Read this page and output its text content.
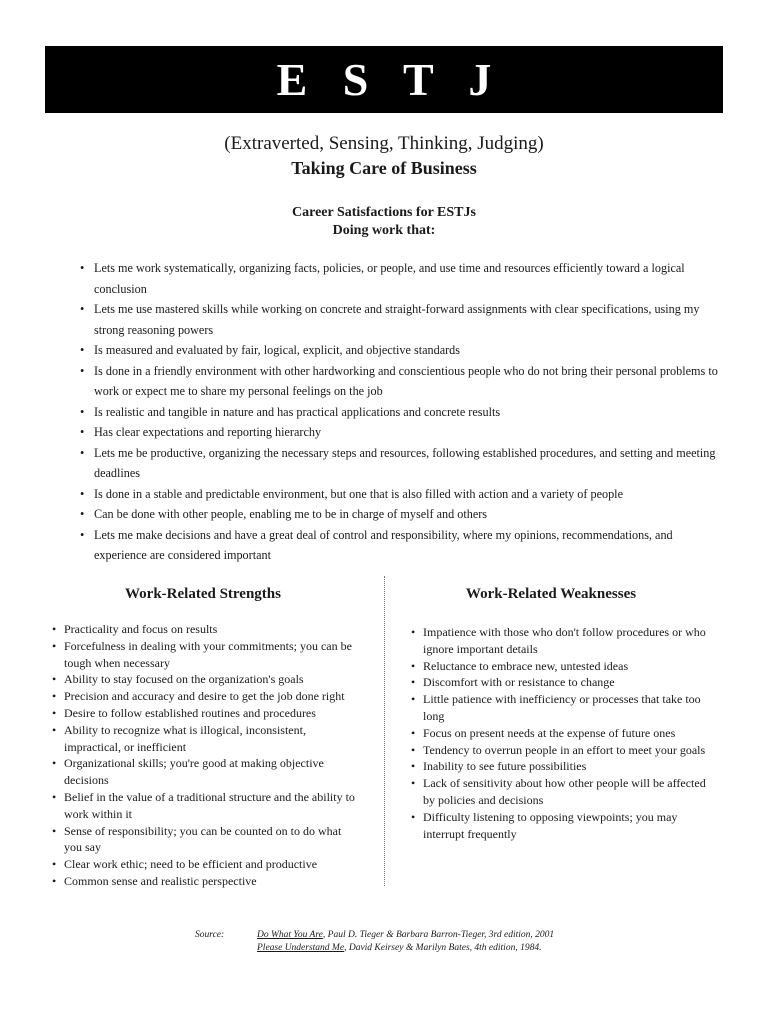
E S T J
(Extraverted, Sensing, Thinking, Judging)
Taking Care of Business
Career Satisfactions for ESTJs
Doing work that:
• Lets me work systematically, organizing facts, policies, or people, and use time and resources efficiently toward a logical conclusion
• Lets me use mastered skills while working on concrete and straight-forward assignments with clear specifications, using my strong reasoning powers
• Is measured and evaluated by fair, logical, explicit, and objective standards
• Is done in a friendly environment with other hardworking and conscientious people who do not bring their personal problems to work or expect me to share my personal feelings on the job
• Is realistic and tangible in nature and has practical applications and concrete results
• Has clear expectations and reporting hierarchy
• Lets me be productive, organizing the necessary steps and resources, following established procedures, and setting and meeting deadlines
• Is done in a stable and predictable environment, but one that is also filled with action and a variety of people
• Can be done with other people, enabling me to be in charge of myself and others
• Lets me make decisions and have a great deal of control and responsibility, where my opinions, recommendations, and experience are considered important
Work-Related Strengths	Work-Related Weaknesses
• Practicality and focus on results
• Forcefulness in dealing with your commitments; you can be tough when necessary
• Ability to stay focused on the organization's goals
• Precision and accuracy and desire to get the job done right
• Desire to follow established routines and procedures
• Ability to recognize what is illogical, inconsistent, impractical, or inefficient
• Organizational skills; you're good at making objective decisions
• Belief in the value of a traditional structure and the ability to work within it
• Sense of responsibility; you can be counted on to do what you say
• Clear work ethic; need to be efficient and productive
• Common sense and realistic perspective
• Impatience with those who don't follow procedures or who ignore important details
• Reluctance to embrace new, untested ideas
• Discomfort with or resistance to change
• Little patience with inefficiency or processes that take too long
• Focus on present needs at the expense of future ones
• Tendency to overrun people in an effort to meet your goals
• Inability to see future possibilities
• Lack of sensitivity about how other people will be affected by policies and decisions
• Difficulty listening to opposing viewpoints; you may interrupt frequently
Source:	Do What You Are, Paul D. Tieger & Barbara Barron-Tieger, 3rd edition, 2001
Please Understand Me, David Keirsey & Marilyn Bates, 4th edition, 1984.
